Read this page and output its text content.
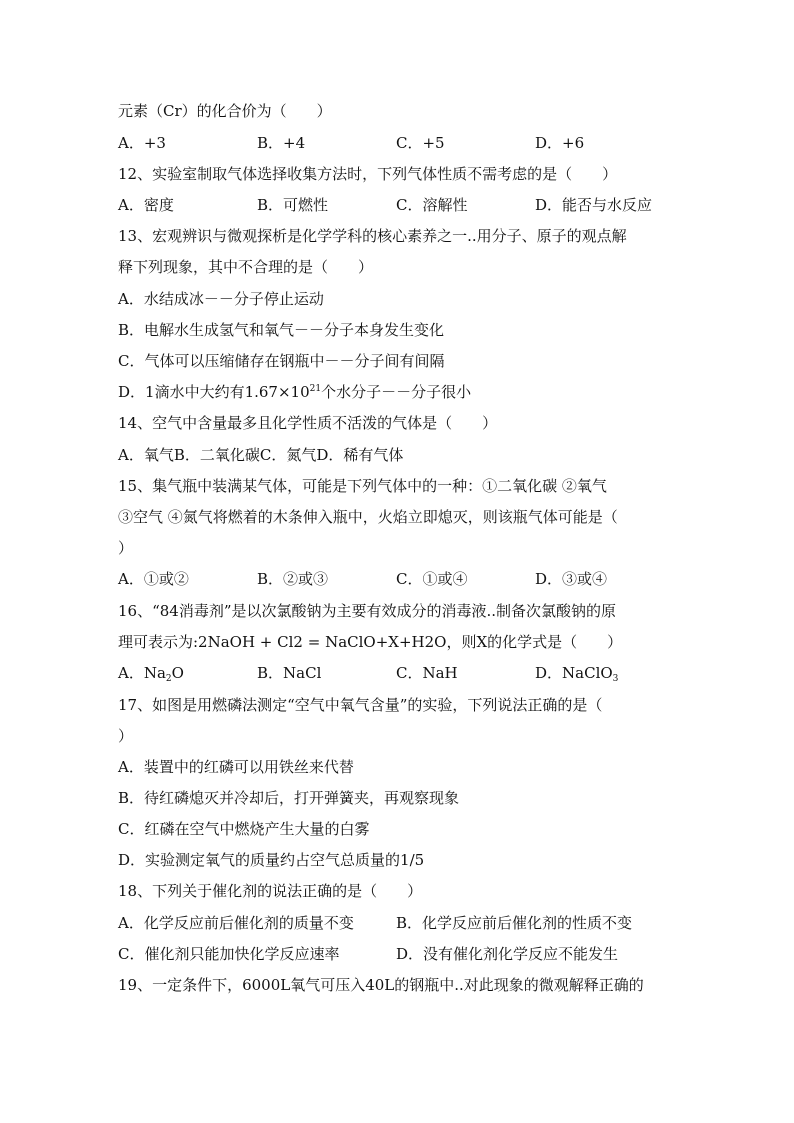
元素（Cr）的化合价为（　　）
A．+3	B．+4	C．+5	D．+6
12、实验室制取气体选择收集方法时，下列气体性质不需考虑的是（　　）
A．密度	B．可燃性	C．溶解性	D．能否与水反应
13、宏观辨识与微观探析是化学学科的核心素养之一..用分子、原子的观点解
释下列现象，其中不合理的是（　　）
A．水结成冰－－分子停止运动
B．电解水生成氢气和氧气－－分子本身发生变化
C．气体可以压缩储存在钢瓶中－－分子间有间隔
D．1滴水中大约有$1.67\times 10^{21}$个水分子－－分子很小
14、空气中含量最多且化学性质不活泼的气体是（　　）
A．氧气B．二氧化碳C．氮气D．稀有气体
15、集气瓶中装满某气体，可能是下列气体中的一种：①二氧化碳 ②氧气
③空气 ④氮气将燃着的木条伸入瓶中，火焰立即熄灭，则该瓶气体可能是（
）
A．①或②	B．②或③	C．①或④	D．③或④
16、“84消毒剂”是以次氯酸钠为主要有效成分的消毒液..制备次氯酸钠的原
理可表示为:2NaOH + Cl2 = NaClO+X+H2O，则X的化学式是（　　）
A．$Na_2O$	B．NaCl	C．NaH	D．NaClO$_3$
17、如图是用燃磷法测定“空气中氧气含量”的实验，下列说法正确的是（
）
A．装置中的红磷可以用铁丝来代替
B．待红磷熄灭并冷却后，打开弹簧夹，再观察现象
C．红磷在空气中燃烧产生大量的白雾
D．实验测定氧气的质量约占空气总质量的1/5
18、下列关于催化剂的说法正确的是（　　）
A．化学反应前后催化剂的质量不变	B．化学反应前后催化剂的性质不变
C．催化剂只能加快化学反应速率	D．没有催化剂化学反应不能发生
19、一定条件下，6000L氧气可压入40L的钢瓶中..对此现象的微观解释正确的
